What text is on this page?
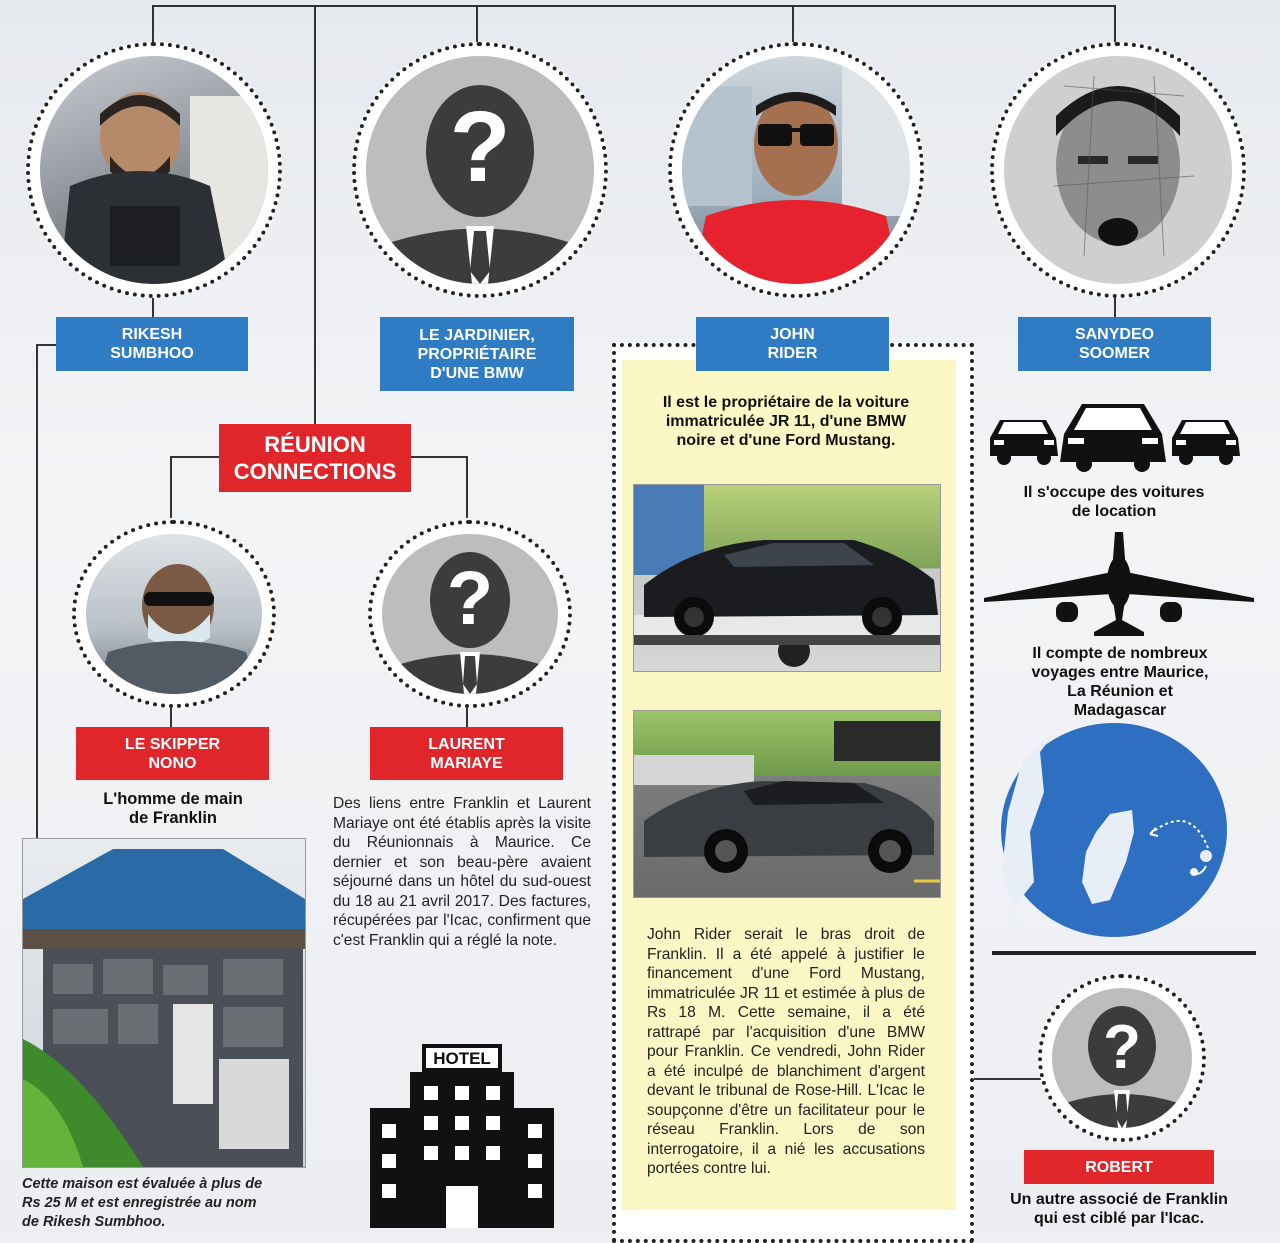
?
RIKESH
SUMBHOO
LE JARDINIER,
PROPRIÉTAIRE
D'UNE BMW
SANYDEO
SOOMER
RÉUNION
CONNECTIONS
?
LE SKIPPER
NONO
LAURENT
MARIAYE
L'homme de main
de Franklin
Des liens entre Franklin et Laurent Mariaye ont été établis après la visite du Réunionnais à Maurice. Ce dernier et son beau-père avaient séjourné dans un hôtel du sud-ouest du 18 au 21 avril 2017. Des factures, récupérées par l'Icac, confirment que c'est Franklin qui a réglé la note.
Cette maison est évaluée à plus de Rs 25 M et est enregistrée au nom de Rikesh Sumbhoo.
HOTEL
JOHN
RIDER
Il est le propriétaire de la voiture immatriculée JR 11, d'une BMW noire et d'une Ford Mustang.
John Rider serait le bras droit de Franklin. Il a été appelé à justifier le financement d'une Ford Mustang, immatriculée JR 11 et estimée à plus de Rs 18 M. Cette semaine, il a été rattrapé par l'acquisition d'une BMW pour Franklin. Ce vendredi, John Rider a été inculpé de blanchiment d'argent devant le tribunal de Rose-Hill. L'Icac le soupçonne d'être un facilitateur pour le réseau Franklin. Lors de son interrogatoire, il a nié les accusations portées contre lui.
Il s'occupe des voitures
de location
Il compte de nombreux
voyages entre Maurice,
La Réunion et
Madagascar
?
ROBERT
Un autre associé de Franklin
qui est ciblé par l'Icac.
